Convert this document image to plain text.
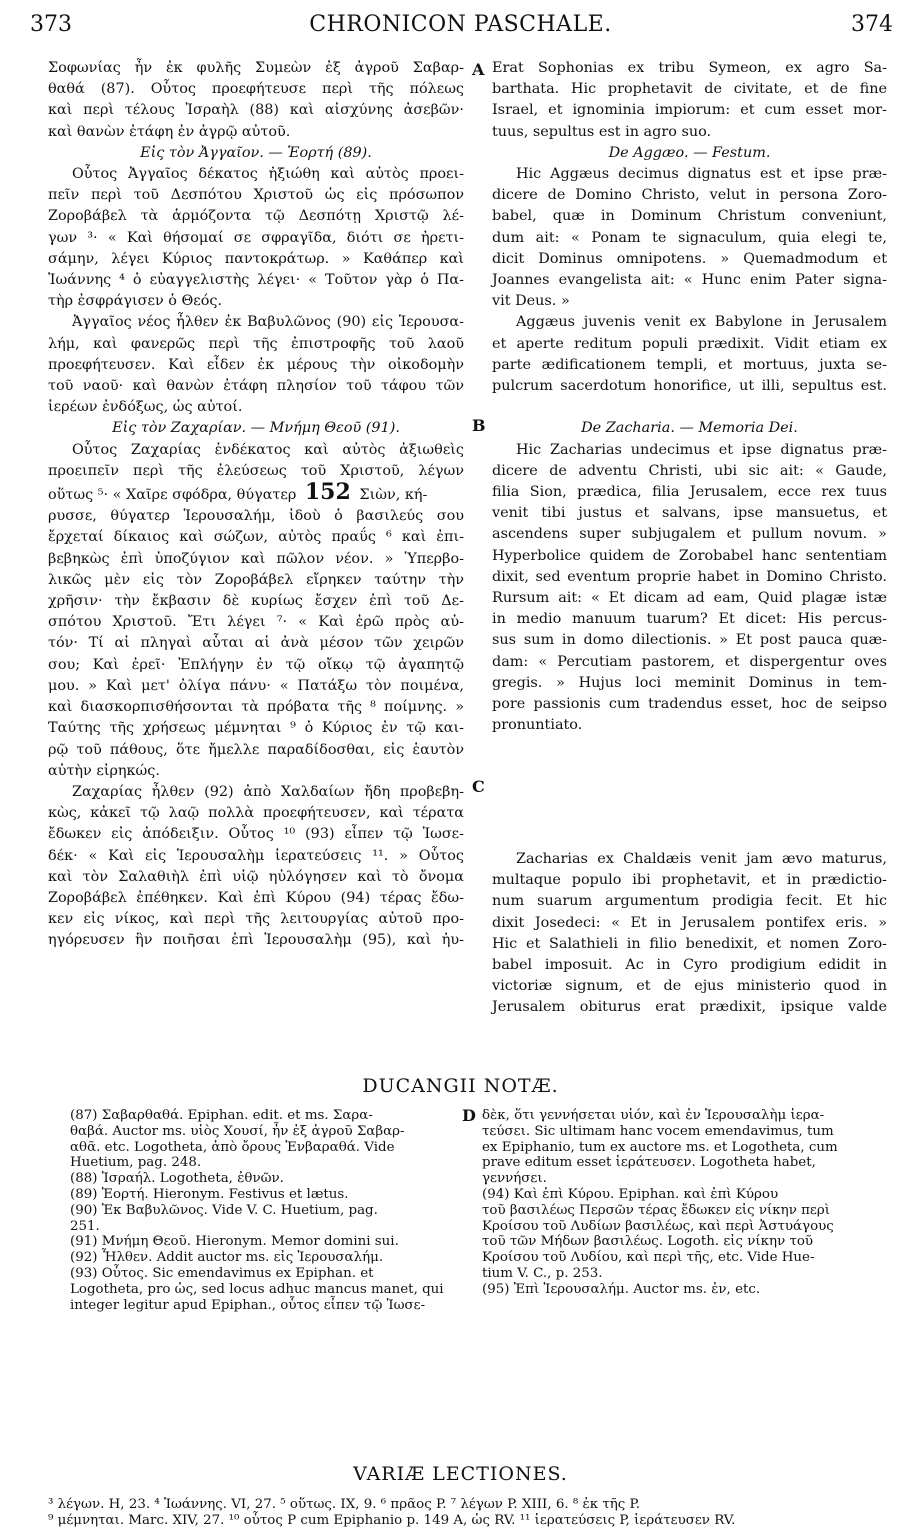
373	CHRONICON PASCHALE.	374

Σοφωνίας ἦν ἐκ φυλῆς Συμεὼν ἐξ ἀγροῦ Σαβαρ-

θαθά (87). Οὗτος προεφήτευσε περὶ τῆς πόλεως

καὶ περὶ τέλους Ἰσραὴλ (88) καὶ αἰσχύνης ἀσεβῶν·

καὶ θανὼν ἐτάφη ἐν ἀγρῷ αὐτοῦ.

Εἰς τὸν Ἀγγαῖον. — Ἑορτή (89).

Οὗτος Ἀγγαῖος δέκατος ἠξιώθη καὶ αὐτὸς προει-

πεῖν περὶ τοῦ Δεσπότου Χριστοῦ ὡς εἰς πρόσωπον

Ζοροβάβελ τὰ ἁρμόζοντα τῷ Δεσπότῃ Χριστῷ λέ-

γων ³· « Καὶ θήσομαί σε σφραγῖδα, διότι σε ἠρετι-

σάμην, λέγει Κύριος παντοκράτωρ. » Καθάπερ καὶ

Ἰωάννης ⁴ ὁ εὐαγγελιστὴς λέγει· « Τοῦτον γὰρ ὁ Πα-

τὴρ ἐσφράγισεν ὁ Θεός.

Ἀγγαῖος νέος ἦλθεν ἐκ Βαβυλῶνος (90) εἰς Ἱερουσα-

λήμ, καὶ φανερῶς περὶ τῆς ἐπιστροφῆς τοῦ λαοῦ

προεφήτευσεν. Καὶ εἶδεν ἐκ μέρους τὴν οἰκοδομὴν

τοῦ ναοῦ· καὶ θανὼν ἐτάφη πλησίον τοῦ τάφου τῶν

ἱερέων ἐνδόξως, ὡς αὐτοί.

Εἰς τὸν Ζαχαρίαν. — Μνήμη Θεοῦ (91).

Οὗτος Ζαχαρίας ἑνδέκατος καὶ αὐτὸς ἀξιωθεὶς

προειπεῖν περὶ τῆς ἐλεύσεως τοῦ Χριστοῦ, λέγων

οὕτως ⁵· « Χαῖρε σφόδρα, θύγατερ 152 Σιὼν, κή-

ρυσσε, θύγατερ Ἱερουσαλήμ, ἰδοὺ ὁ βασιλεύς σου

ἔρχεταί δίκαιος καὶ σώζων, αὐτὸς πραΰς ⁶ καὶ ἐπι-

βεβηκὼς ἐπὶ ὑποζύγιον καὶ πῶλον νέον. » Ὑπερβο-

λικῶς μὲν εἰς τὸν Ζοροβάβελ εἴρηκεν ταύτην τὴν

χρῆσιν· τὴν ἔκβασιν δὲ κυρίως ἔσχεν ἐπὶ τοῦ Δε-

σπότου Χριστοῦ. Ἔτι λέγει ⁷· « Καὶ ἐρῶ πρὸς αὐ-

τόν· Τί αἱ πληγαὶ αὗται αἱ ἀνὰ μέσον τῶν χειρῶν

σου; Καὶ ἐρεῖ· Ἐπλήγην ἐν τῷ οἴκῳ τῷ ἀγαπητῷ

μου. » Καὶ μετ' ὀλίγα πάνυ· « Πατάξω τὸν ποιμένα,

καὶ διασκορπισθήσονται τὰ πρόβατα τῆς ⁸ ποίμνης. »

Ταύτης τῆς χρήσεως μέμνηται ⁹ ὁ Κύριος ἐν τῷ και-

ρῷ τοῦ πάθους, ὅτε ἤμελλε παραδίδοσθαι, εἰς ἑαυτὸν

αὐτὴν εἰρηκώς.

Ζαχαρίας ἦλθεν (92) ἀπὸ Χαλδαίων ἤδη προβεβη-

κὼς, κἀκεῖ τῷ λαῷ πολλὰ προεφήτευσεν, καὶ τέρατα

ἔδωκεν εἰς ἀπόδειξιν. Οὗτος ¹⁰ (93) εἶπεν τῷ Ἰωσε-

δέκ· « Καὶ εἰς Ἱερουσαλὴμ ἱερατεύσεις ¹¹. » Οὗτος

καὶ τὸν Σαλαθιὴλ ἐπὶ υἱῷ ηὐλόγησεν καὶ τὸ ὄνομα

Ζοροβάβελ ἐπέθηκεν. Καὶ ἐπὶ Κύρου (94) τέρας ἔδω-

κεν εἰς νίκος, καὶ περὶ τῆς λειτουργίας αὐτοῦ προ-

ηγόρευσεν ἣν ποιῆσαι ἐπὶ Ἱερουσαλὴμ (95), καὶ ἠυ-

Erat Sophonias ex tribu Symeon, ex agro Sa-

barthata. Hic prophetavit de civitate, et de fine

Israel, et ignominia impiorum: et cum esset mor-

tuus, sepultus est in agro suo.

De Aggæo. — Festum.

Hic Aggæus decimus dignatus est et ipse præ-

dicere de Domino Christo, velut in persona Zoro-

babel, quæ in Dominum Christum conveniunt,

dum ait: « Ponam te signaculum, quia elegi te,

dicit Dominus omnipotens. » Quemadmodum et

Joannes evangelista ait: « Hunc enim Pater signa-

vit Deus. »

Aggæus juvenis venit ex Babylone in Jerusalem

et aperte reditum populi prædixit. Vidit etiam ex

parte ædificationem templi, et mortuus, juxta se-

pulcrum sacerdotum honorifice, ut illi, sepultus est.

De Zacharia. — Memoria Dei.

Hic Zacharias undecimus et ipse dignatus præ-

dicere de adventu Christi, ubi sic ait: « Gaude,

filia Sion, prædica, filia Jerusalem, ecce rex tuus

venit tibi justus et salvans, ipse mansuetus, et

ascendens super subjugalem et pullum novum. »

Hyperbolice quidem de Zorobabel hanc sententiam

dixit, sed eventum proprie habet in Domino Christo.

Rursum ait: « Et dicam ad eam, Quid plagæ istæ

in medio manuum tuarum? Et dicet: His percus-

sus sum in domo dilectionis. » Et post pauca quæ-

dam: « Percutiam pastorem, et dispergentur oves

gregis. » Hujus loci meminit Dominus in tem-

pore passionis cum tradendus esset, hoc de seipso

pronuntiato.

Zacharias ex Chaldæis venit jam ævo maturus,

multaque populo ibi prophetavit, et in prædictio-

num suarum argumentum prodigia fecit. Et hic

dixit Josedeci: « Et in Jerusalem pontifex eris. »

Hic et Salathieli in filio benedixit, et nomen Zoro-

babel imposuit. Ac in Cyro prodigium edidit in

victoriæ signum, et de ejus ministerio quod in

Jerusalem obiturus erat prædixit, ipsique valde

A
B
C
D
DUCANGII NOTÆ.

(87) Σαβαρθαθά. Epiphan. edit. et ms. Σαρα-

θαβά. Auctor ms. υἱὸς Χουσί, ἦν ἐξ ἀγροῦ Σαβαρ-

αθᾶ. etc. Logotheta, ἀπὸ ὄρους Ἐνβαραθά. Vide

Huetium, pag. 248.

(88) Ἰσραήλ. Logotheta, ἐθνῶν.

(89) Ἑορτή. Hieronym. Festivus et lætus.

(90) Ἐκ Βαβυλῶνος. Vide V. C. Huetium, pag.

251.

(91) Μνήμη Θεοῦ. Hieronym. Memor domini sui.

(92) Ἦλθεν. Addit auctor ms. εἰς Ἱερουσαλήμ.

(93) Οὗτος. Sic emendavimus ex Epiphan. et

Logotheta, pro ὡς, sed locus adhuc mancus manet, qui

integer legitur apud Epiphan., οὗτος εἶπεν τῷ Ἰωσε-

δὲκ, ὅτι γεννήσεται υἱόν, καὶ ἐν Ἱερουσαλὴμ ἱερα-

τεύσει. Sic ultimam hanc vocem emendavimus, tum

ex Epiphanio, tum ex auctore ms. et Logotheta, cum

prave editum esset ἱεράτευσεν. Logotheta habet,

γεννήσει.

(94) Καὶ ἐπὶ Κύρου. Epiphan. καὶ ἐπὶ Κύρου

τοῦ βασιλέως Περσῶν τέρας ἔδωκεν εἰς νίκην περὶ

Κροίσου τοῦ Λυδίων βασιλέως, καὶ περὶ Ἀστυάγους

τοῦ τῶν Μήδων βασιλέως. Logoth. εἰς νίκην τοῦ

Κροίσου τοῦ Λυδίου, καὶ περὶ τῆς, etc. Vide Hue-

tium V. C., p. 253.

(95) Ἐπὶ Ἱερουσαλήμ. Auctor ms. ἐν, etc.

VARIÆ LECTIONES.

³ λέγων. Η, 23. ⁴ Ἰωάννης. VI, 27. ⁵ οὕτως. IX, 9. ⁶ πρᾶος P. ⁷ λέγων P. XIII, 6. ⁸ ἐκ τῆς P.

⁹ μέμνηται. Marc. XIV, 27. ¹⁰ οὗτος P cum Epiphanio p. 149 A, ὡς RV. ¹¹ ἱερατεύσεις P, ἱεράτευσεν RV.
